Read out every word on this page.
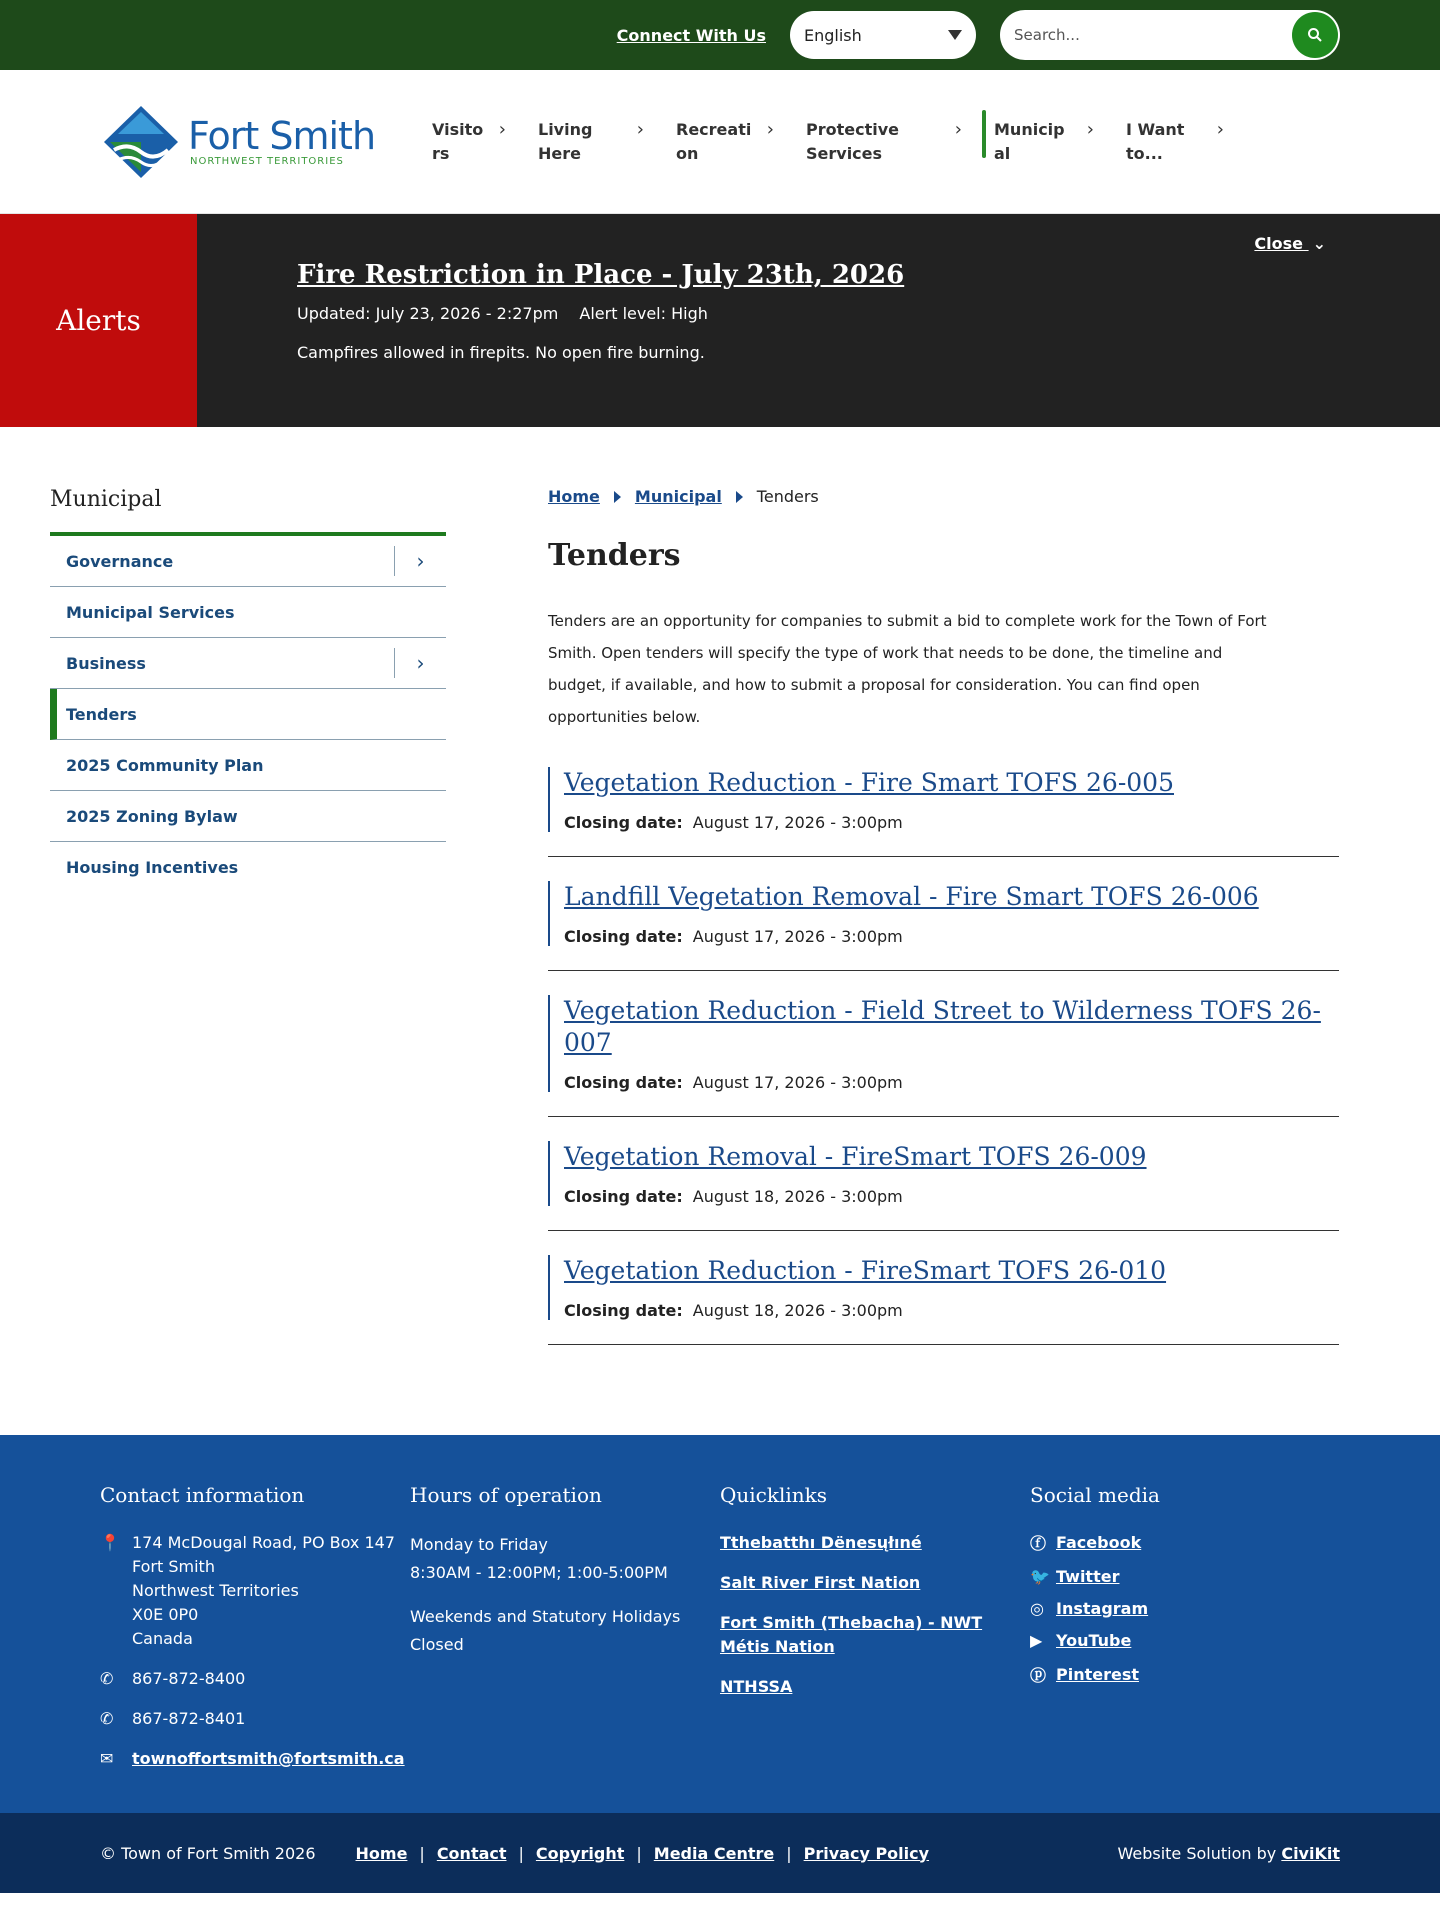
Connect With Us English
Search...
Fort Smith
NORTHWEST TERRITORIES
Visitors
› Living Here
› Recreation
› Protective Services
› Municipal
› I Want to...
›
Alerts
Fire Restriction in Place - July 23th, 2026
Updated: July 23, 2026 - 2:27pm Alert level: High
Campfires allowed in firepits. No open fire burning.
Close ⌄
Municipal
Governance	›
Municipal Services
Business	›
Tenders
2025 Community Plan
2025 Zoning Bylaw
Housing Incentives
Home Municipal Tenders
Tenders

Tenders are an opportunity for companies to submit a bid to complete work for the Town of Fort Smith. Open tenders will specify the type of work that needs to be done, the timeline and budget, if available, and how to submit a proposal for consideration. You can find open opportunities below.

Vegetation Reduction - Fire Smart TOFS 26-005
Closing date: August 17, 2026 - 3:00pm
Landfill Vegetation Removal - Fire Smart TOFS 26-006
Closing date: August 17, 2026 - 3:00pm
Vegetation Reduction - Field Street to Wilderness TOFS 26-007
Closing date: August 17, 2026 - 3:00pm
Vegetation Removal - FireSmart TOFS 26-009
Closing date: August 18, 2026 - 3:00pm
Vegetation Reduction - FireSmart TOFS 26-010
Closing date: August 18, 2026 - 3:00pm
Contact information
📍 174 McDougal Road, PO Box 147
Fort Smith
Northwest Territories
X0E 0P0
Canada
✆	867-872-8400
✆	867-872-8401
✉	townoffortsmith@fortsmith.ca
Hours of operation
Monday to Friday
8:30AM - 12:00PM; 1:00-5:00PM
Weekends and Statutory Holidays
Closed
Quicklinks
Tthebatthı Dënesųłıné
Salt River First Nation
Fort Smith (Thebacha) - NWT Métis Nation
NTHSSA
Social media
ⓕ Facebook
🐦 Twitter
◎ Instagram
▶ YouTube
ⓟ Pinterest
© Town of Fort Smith 2026	Home | Contact | Copyright | Media Centre | Privacy Policy	Website Solution by CiviKit
